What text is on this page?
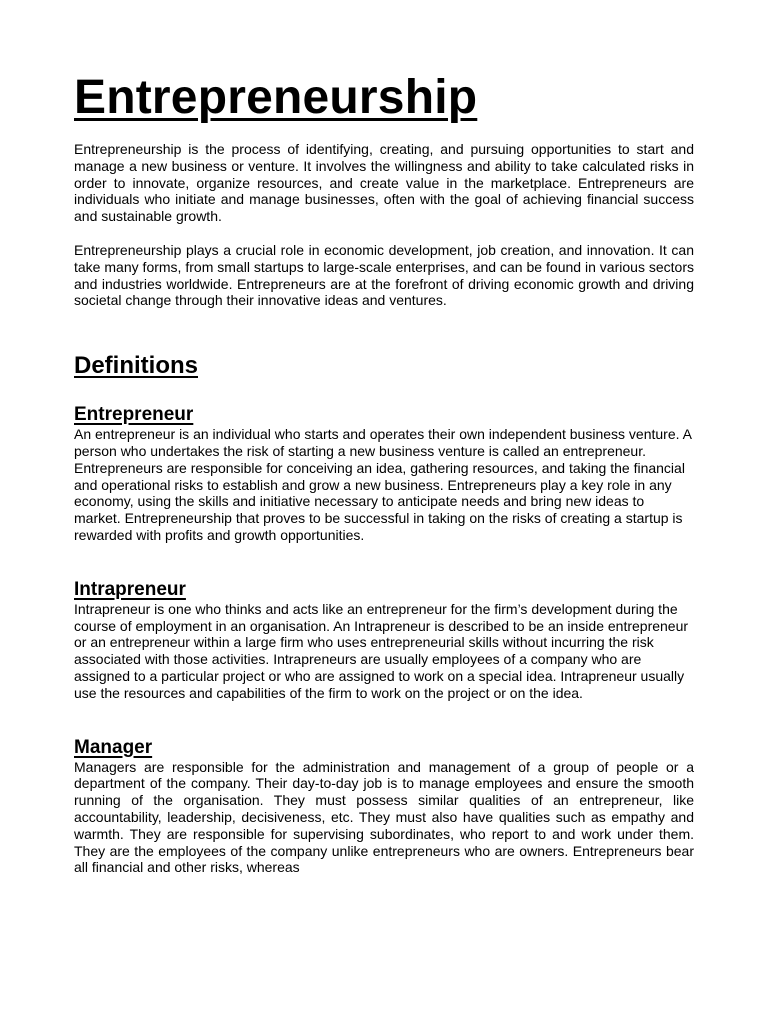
Entrepreneurship

Entrepreneurship is the process of identifying, creating, and pursuing opportunities to start and manage a new business or venture. It involves the willingness and ability to take calculated risks in order to innovate, organize resources, and create value in the marketplace. Entrepreneurs are individuals who initiate and manage businesses, often with the goal of achieving financial success and sustainable growth.

Entrepreneurship plays a crucial role in economic development, job creation, and innovation. It can take many forms, from small startups to large-scale enterprises, and can be found in various sectors and industries worldwide. Entrepreneurs are at the forefront of driving economic growth and driving societal change through their innovative ideas and ventures.

Definitions
Entrepreneur

An entrepreneur is an individual who starts and operates their own independent business venture. A person who undertakes the risk of starting a new business venture is called an entrepreneur. Entrepreneurs are responsible for conceiving an idea, gathering resources, and taking the financial and operational risks to establish and grow a new business. Entrepreneurs play a key role in any economy, using the skills and initiative necessary to anticipate needs and bring new ideas to market. Entrepreneurship that proves to be successful in taking on the risks of creating a startup is rewarded with profits and growth opportunities.

Intrapreneur

Intrapreneur is one who thinks and acts like an entrepreneur for the firm’s development during the course of employment in an organisation. An Intrapreneur is described to be an inside entrepreneur or an entrepreneur within a large firm who uses entrepreneurial skills without incurring the risk associated with those activities. Intrapreneurs are usually employees of a company who are assigned to a particular project or who are assigned to work on a special idea. Intrapreneur usually use the resources and capabilities of the firm to work on the project or on the idea.

Manager

Managers are responsible for the administration and management of a group of people or a department of the company. Their day-to-day job is to manage employees and ensure the smooth running of the organisation. They must possess similar qualities of an entrepreneur, like accountability, leadership, decisiveness, etc. They must also have qualities such as empathy and warmth. They are responsible for supervising subordinates, who report to and work under them. They are the employees of the company unlike entrepreneurs who are owners. Entrepreneurs bear all financial and other risks, whereas
